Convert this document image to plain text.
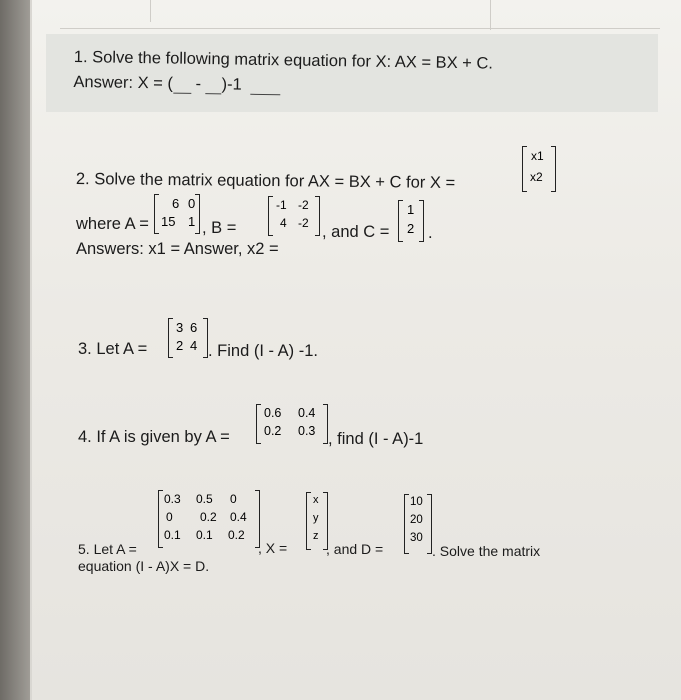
1. Solve the following matrix equation for X: AX = BX + C.
Answer: X = ( - )-1
2. Solve the matrix equation for AX = BX + C for X =
x1
x2
where A =
6 0
15 1 , B =
-1 -2
4 -2 , and C =
1
2 .
Answers: x1 = Answer, x2 =
3. Let A =
3 6
2 4 . Find (I - A) -1.
4. If A is given by A =
0.6 0.4
0.2 0.3 , find (I - A)-1
0.3 0.5 0
0 0.2 0.4
0.1 0.1 0.2
x
y
z
10
20
30
5. Let A =	, X =	, and D =	. Solve the matrix
equation (I - A)X = D.
